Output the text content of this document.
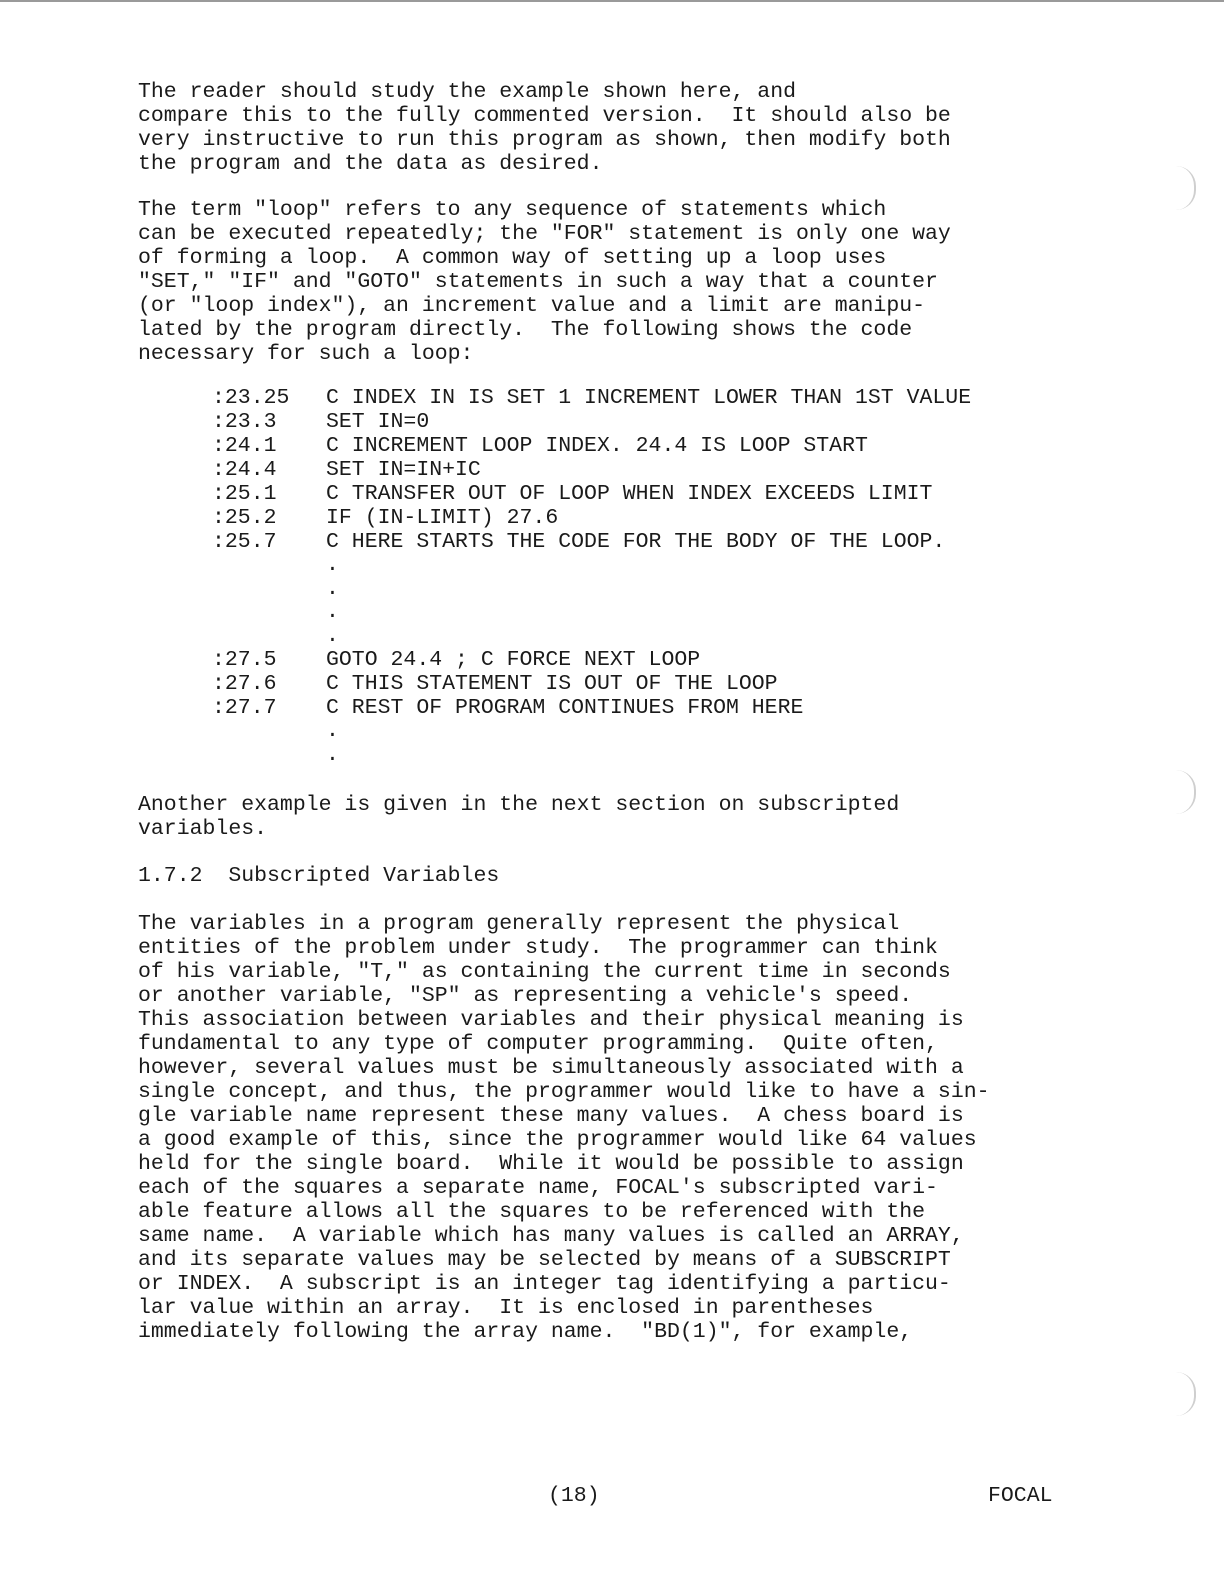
The reader should study the example shown here, and
compare this to the fully commented version.  It should also be
very instructive to run this program as shown, then modify both
the program and the data as desired.

The term "loop" refers to any sequence of statements which
can be executed repeatedly; the "FOR" statement is only one way
of forming a loop.  A common way of setting up a loop uses
"SET," "IF" and "GOTO" statements in such a way that a counter
(or "loop index"), an increment value and a limit are manipu-
lated by the program directly.  The following shows the code
necessary for such a loop:

:23.25	C INDEX IN IS SET 1 INCREMENT LOWER THAN 1ST VALUE
:23.3	SET IN=0
:24.1	C INCREMENT LOOP INDEX. 24.4 IS LOOP START
:24.4	SET IN=IN+IC
:25.1	C TRANSFER OUT OF LOOP WHEN INDEX EXCEEDS LIMIT
:25.2	IF (IN-LIMIT) 27.6
:25.7	C HERE STARTS THE CODE FOR THE BODY OF THE LOOP.
.
.
.
.
:27.5	GOTO 24.4 ; C FORCE NEXT LOOP
:27.6	C THIS STATEMENT IS OUT OF THE LOOP
:27.7	C REST OF PROGRAM CONTINUES FROM HERE
.
.

Another example is given in the next section on subscripted
variables.

1.7.2  Subscripted Variables

The variables in a program generally represent the physical
entities of the problem under study.  The programmer can think
of his variable, "T," as containing the current time in seconds
or another variable, "SP" as representing a vehicle's speed.
This association between variables and their physical meaning is
fundamental to any type of computer programming.  Quite often,
however, several values must be simultaneously associated with a
single concept, and thus, the programmer would like to have a sin-
gle variable name represent these many values.  A chess board is
a good example of this, since the programmer would like 64 values
held for the single board.  While it would be possible to assign
each of the squares a separate name, FOCAL's subscripted vari-
able feature allows all the squares to be referenced with the
same name.  A variable which has many values is called an ARRAY,
and its separate values may be selected by means of a SUBSCRIPT
or INDEX.  A subscript is an integer tag identifying a particu-
lar value within an array.  It is enclosed in parentheses
immediately following the array name.  "BD(1)", for example,

(18)	FOCAL
